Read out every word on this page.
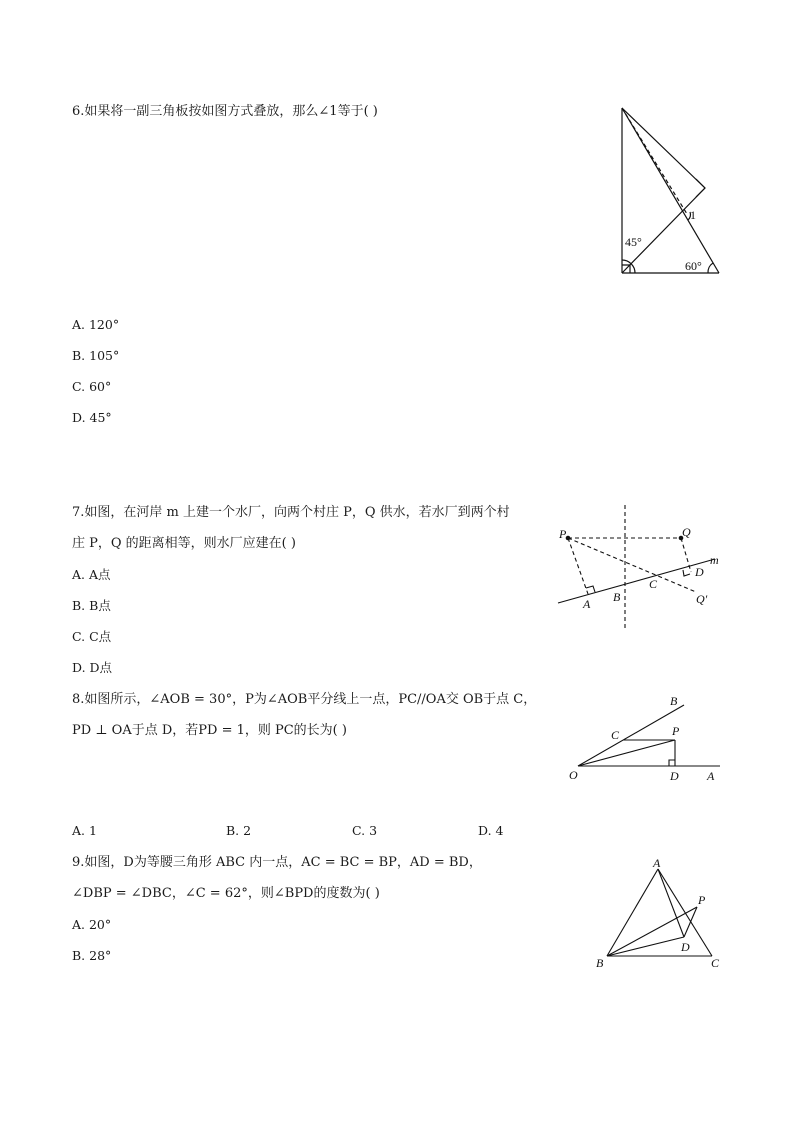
6.如果将一副三角板按如图方式叠放，那么∠1等于( )
1
45°
60°
A. 120°
B. 105°
C. 60°
D. 45°
7.如图，在河岸 m 上建一个水厂，向两个村庄 P，Q 供水，若水厂到两个村
庄 P，Q 的距离相等，则水厂应建在( )
P	Q
m
D
C
B
A	Q′
A. A点
B. B点
C. C点
D. D点
8.如图所示，∠AOB = 30°，P为∠AOB平分线上一点，PC//OA交 OB于点 C，
PD ⊥ OA于点 D，若PD = 1，则 PC的长为( )
B
C	P
O	D A
A. 1	B. 2	C. 3	D. 4
9.如图，D为等腰三角形 ABC 内一点，AC = BC = BP，AD = BD，
∠DBP = ∠DBC，∠C = 62°，则∠BPD的度数为( )
A
P
D
B	C
A. 20°
B. 28°
